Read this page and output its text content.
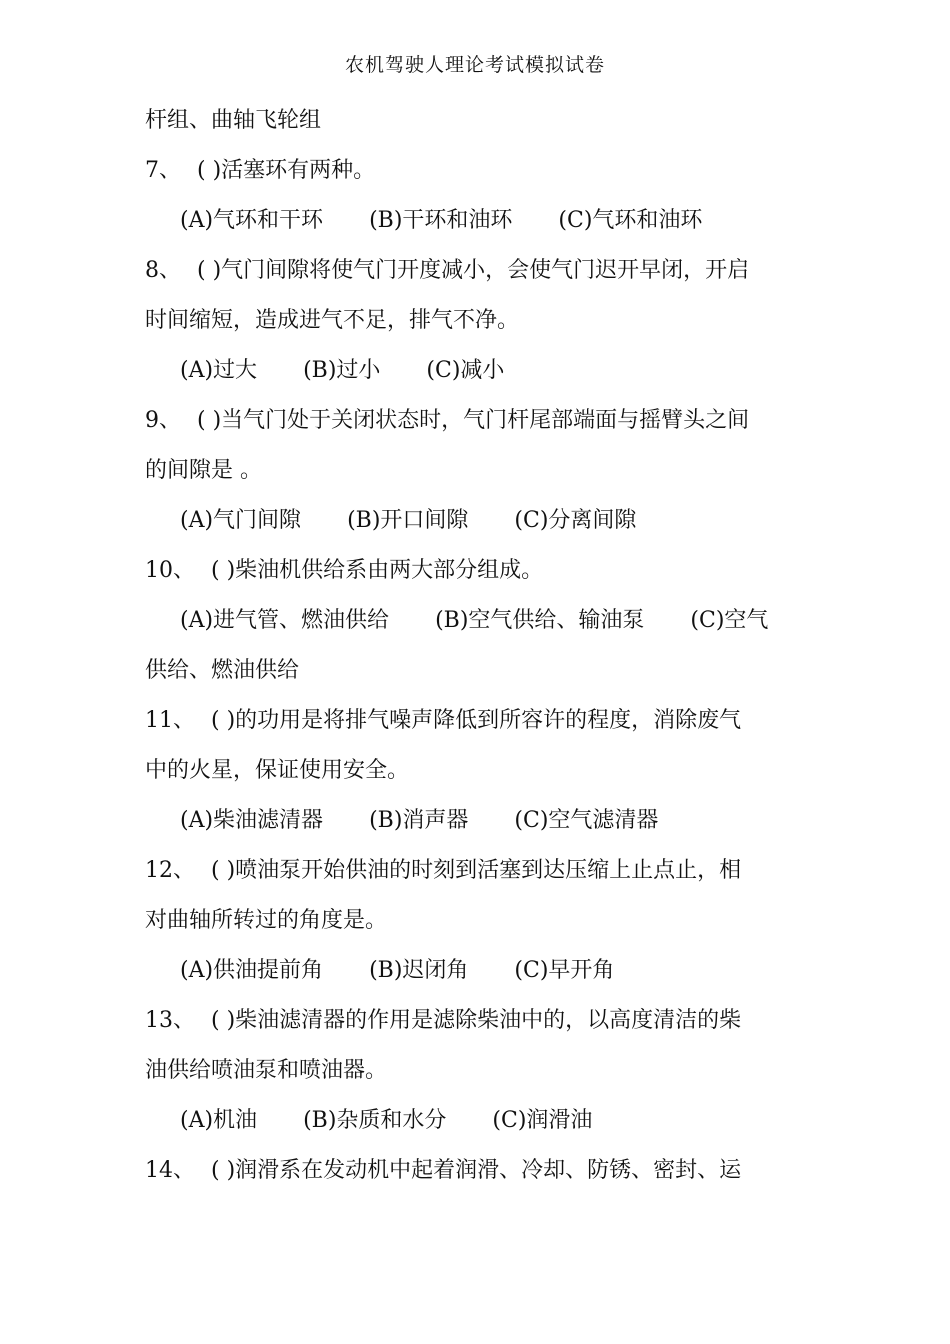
农机驾驶人理论考试模拟试卷
杆组、曲轴飞轮组
7、 ( )活塞环有两种。
(A)气环和干环 (B)干环和油环 (C)气环和油环
8、 ( )气门间隙将使气门开度减小，会使气门迟开早闭，开启
时间缩短，造成进气不足，排气不净。
(A)过大 (B)过小 (C)减小
9、 ( )当气门处于关闭状态时，气门杆尾部端面与摇臂头之间
的间隙是 。
(A)气门间隙 (B)开口间隙 (C)分离间隙
10、 ( )柴油机供给系由两大部分组成。
(A)进气管、燃油供给 (B)空气供给、输油泵 (C)空气
供给、燃油供给
11、 ( )的功用是将排气噪声降低到所容许的程度，消除废气
中的火星，保证使用安全。
(A)柴油滤清器 (B)消声器 (C)空气滤清器
12、 ( )喷油泵开始供油的时刻到活塞到达压缩上止点止，相
对曲轴所转过的角度是。
(A)供油提前角 (B)迟闭角 (C)早开角
13、 ( )柴油滤清器的作用是滤除柴油中的，以高度清洁的柴
油供给喷油泵和喷油器。
(A)机油 (B)杂质和水分 (C)润滑油
14、 ( )润滑系在发动机中起着润滑、冷却、防锈、密封、运
